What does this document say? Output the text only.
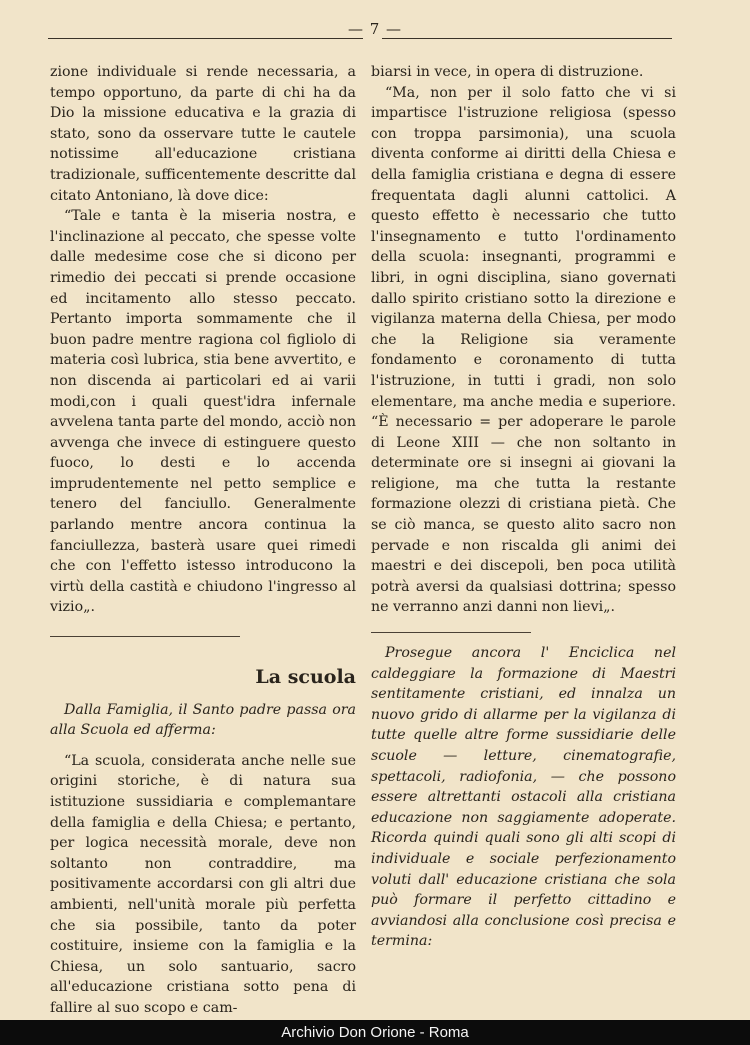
— 7 —

zione individuale si rende necessaria, a tempo opportuno, da parte di chi ha da Dio la missione educativa e la grazia di stato, sono da osservare tutte le cautele notissime all'educazione cristiana tradizionale, sufficentemente descritte dal citato Antoniano, là dove dice:

“Tale e tanta è la miseria nostra, e l'inclinazione al peccato, che spesse volte dalle medesime cose che si dicono per rimedio dei peccati si prende occasione ed incitamento allo stesso peccato. Pertanto importa sommamente che il buon padre mentre ragiona col figliolo di materia così lubrica, stia bene avvertito, e non discenda ai particolari ed ai varii modi,con i quali quest'idra infernale avvelena tanta parte del mondo, acciò non avvenga che invece di estinguere questo fuoco, lo desti e lo accenda imprudentemente nel petto semplice e tenero del fanciullo. Generalmente parlando mentre ancora continua la fanciullezza, basterà usare quei rimedi che con l'effetto istesso introducono la virtù della castità e chiudono l'ingresso al vizio„.

La scuola

Dalla Famiglia, il Santo padre passa ora alla Scuola ed afferma:

“La scuola, considerata anche nelle sue origini storiche, è di natura sua istituzione sussidiaria e complemantare della famiglia e della Chiesa; e pertanto, per logica necessità morale, deve non soltanto non contraddire, ma positivamente accordarsi con gli altri due ambienti, nell'unità morale più perfetta che sia possibile, tanto da poter costituire, insieme con la famiglia e la Chiesa, un solo santuario, sacro all'educazione cristiana sotto pena di fallire al suo scopo e cam-

biarsi in vece, in opera di distruzione.

“Ma, non per il solo fatto che vi si impartisce l'istruzione religiosa (spesso con troppa parsimonia), una scuola diventa conforme ai diritti della Chiesa e della famiglia cristiana e degna di essere frequentata dagli alunni cattolici. A questo effetto è necessario che tutto l'insegnamento e tutto l'ordinamento della scuola: insegnanti, programmi e libri, in ogni disciplina, siano governati dallo spirito cristiano sotto la direzione e vigilanza materna della Chiesa, per modo che la Religione sia veramente fondamento e coronamento di tutta l'istruzione, in tutti i gradi, non solo elementare, ma anche media e superiore. “È necessario = per adoperare le parole di Leone XIII — che non soltanto in determinate ore si insegni ai giovani la religione, ma che tutta la restante formazione olezzi di cristiana pietà. Che se ciò manca, se questo alito sacro non pervade e non riscalda gli animi dei maestri e dei discepoli, ben poca utilità potrà aversi da qualsiasi dottrina; spesso ne verranno anzi danni non lievi„.

Prosegue ancora l' Enciclica nel caldeggiare la formazione di Maestri sentitamente cristiani, ed innalza un nuovo grido di allarme per la vigilanza di tutte quelle altre forme sussidiarie delle scuole — letture, cinematografie, spettacoli, radiofonia, — che possono essere altrettanti ostacoli alla cristiana educazione non saggiamente adoperate. Ricorda quindi quali sono gli alti scopi di individuale e sociale perfezionamento voluti dall' educazione cristiana che sola può formare il perfetto cittadino e avviandosi alla conclusione così precisa e termina:

Archivio Don Orione - Roma
